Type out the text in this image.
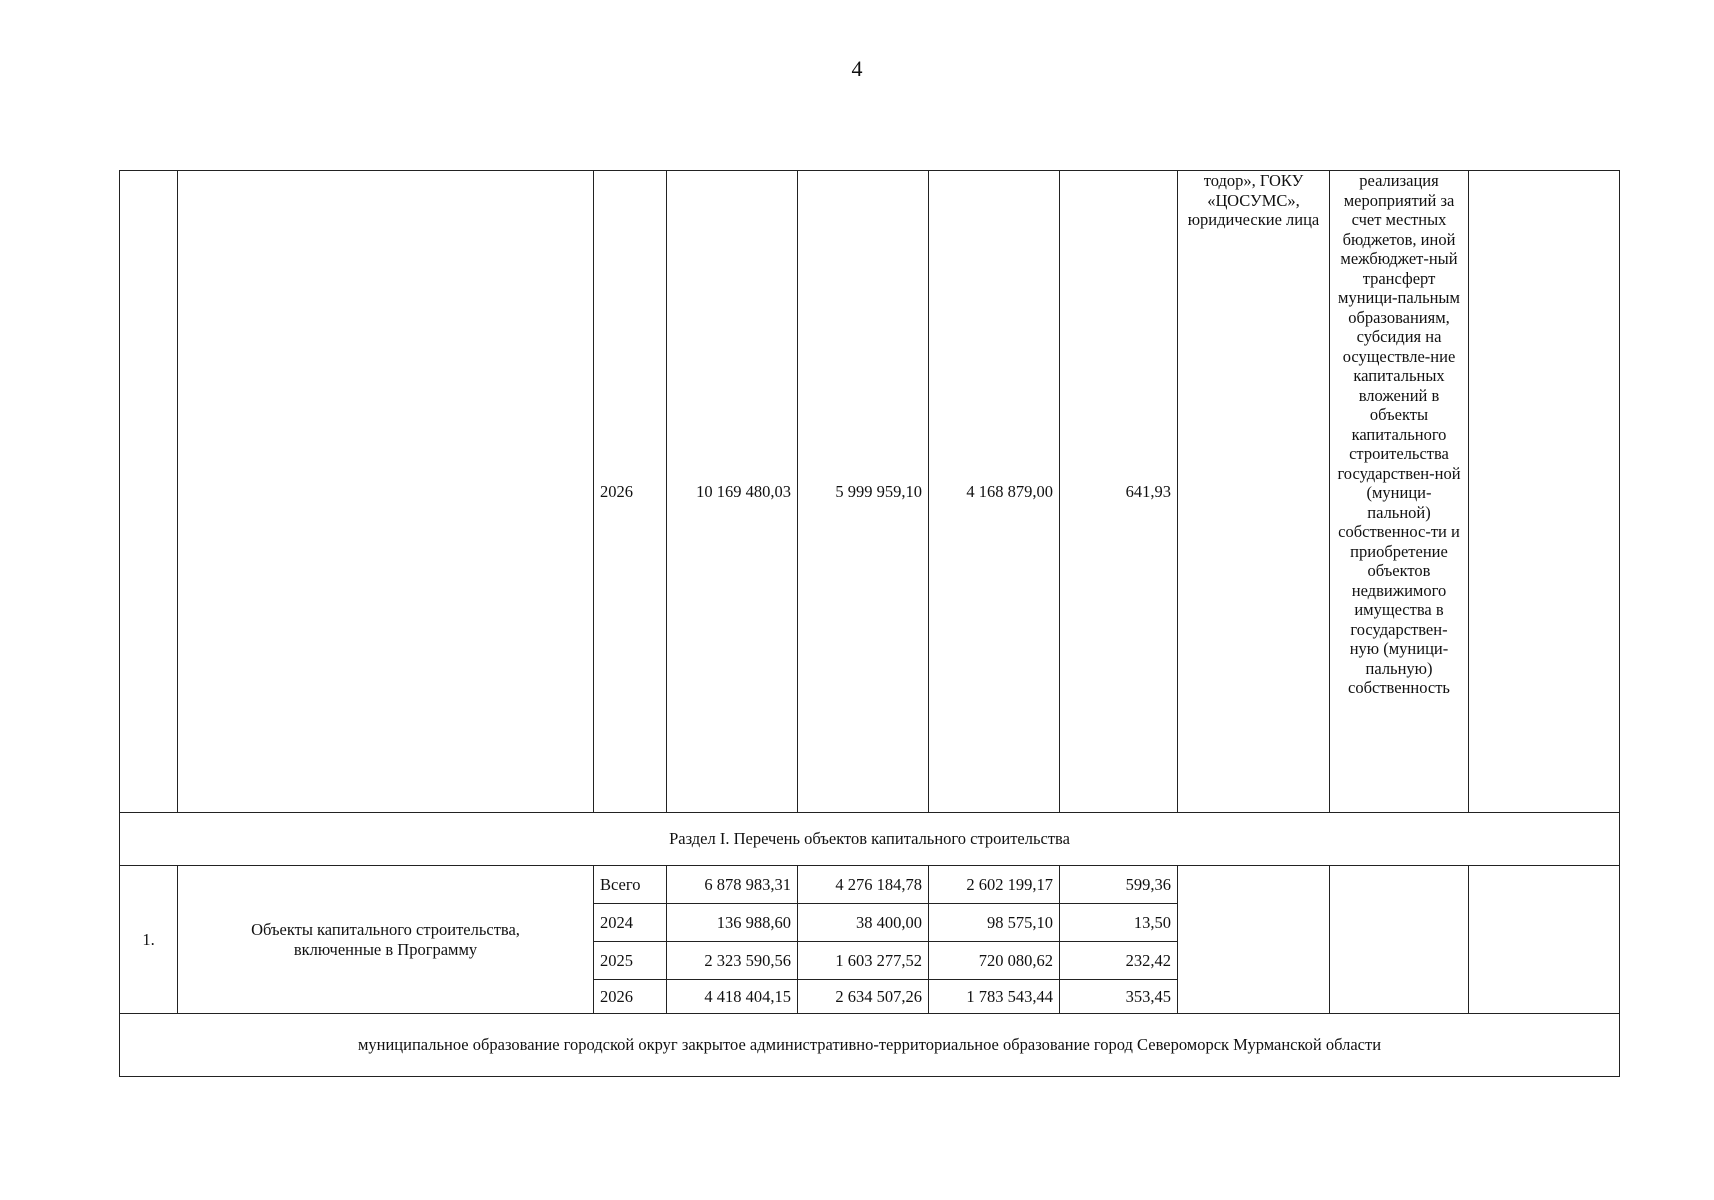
4
		2026	10 169 480,03	5 999 959,10	4 168 879,00	641,93	тодор», ГОКУ «ЦОСУМС», юридические лица	реализация мероприятий за счет местных бюджетов, иной межбюджет-ный трансферт муници-пальным образованиям, субсидия на осуществле-ние капитальных вложений в объекты капитального строительства государствен-ной (муници-пальной) собственнос-ти и приобретение объектов недвижимого имущества в государствен-ную (муници-пальную) собственность	
Раздел I. Перечень объектов капитального строительства									
1.	Объекты капитального строительства, включенные в Программу	Всего	6 878 983,31	4 276 184,78	2 602 199,17	599,36			
		2024	136 988,60	38 400,00	98 575,10	13,50			
		2025	2 323 590,56	1 603 277,52	720 080,62	232,42			
		2026	4 418 404,15	2 634 507,26	1 783 543,44	353,45			
муниципальное образование городской округ закрытое административно-территориальное образование город Североморск Мурманской области									
